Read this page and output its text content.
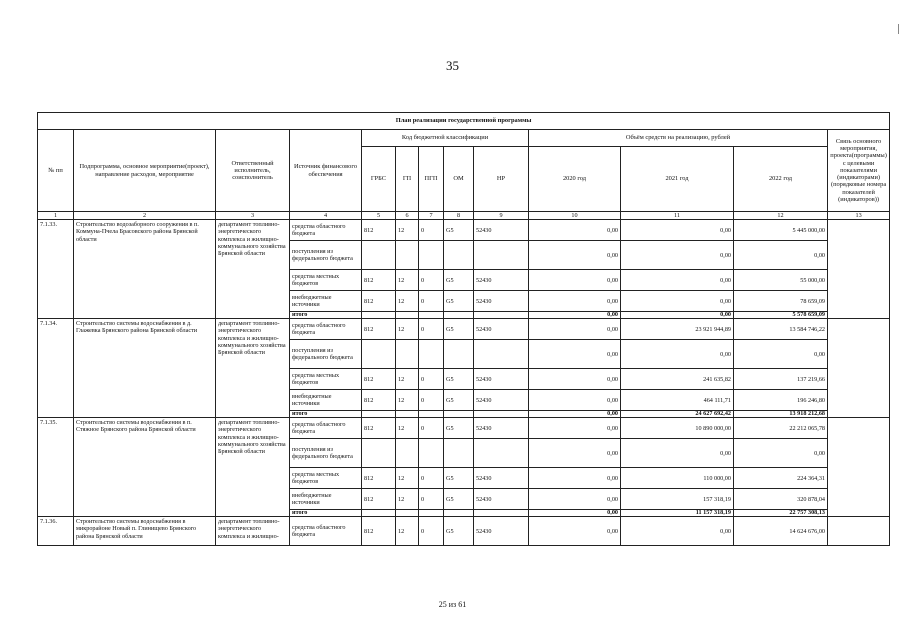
35
План реализации государственной программы												
№ пп	Подпрограмма, основное мероприятие(проект), направление расходов, мероприятие	Ответственный исполнитель, соисполнитель	Источник финансового обеспечения	Код бюджетной классификации					Объём средств на реализацию, рублей			Связь основного мероприятия, проекта(программы) с целевыми показателями (индикаторами) (порядковые номера показателей (индикаторов))
				ГРБС	ГП	ПГП	ОМ	НР	2020 год	2021 год	2022 год	
1	2	3	4	5	6	7	8	9	10	11	12	13
7.1.33.	Строительство водозаборного сооружения в п. Коммуна-Пчела Брасовского района Брянской области	департамент топливно-энергетического комплекса и жилищно-коммунального хозяйства Брянской области	средства областного бюджета	812	12	0	G5	52430	0,00	0,00	5 445 000,00	
			поступления из федерального бюджета						0,00	0,00	0,00	
			средства местных бюджетов	812	12	0	G5	52430	0,00	0,00	55 000,00	
			внебюджетные источники	812	12	0	G5	52430	0,00	0,00	78 659,09	
			итого						0,00	0,00	5 578 659,09	
7.1.34.	Строительство системы водоснабжения в д. Глажевка Брянского района Брянской области	департамент топливно-энергетического комплекса и жилищно-коммунального хозяйства Брянской области	средства областного бюджета	812	12	0	G5	52430	0,00	23 921 944,89	13 584 746,22	
			поступления из федерального бюджета						0,00	0,00	0,00	
			средства местных бюджетов	812	12	0	G5	52430	0,00	241 635,82	137 219,66	
			внебюджетные источники	812	12	0	G5	52430	0,00	464 111,71	196 246,80	
			итого						0,00	24 627 692,42	13 918 212,68	
7.1.35.	Строительство системы водоснабжения в п. Стяжное Брянского района Брянской области	департамент топливно-энергетического комплекса и жилищно-коммунального хозяйства Брянской области	средства областного бюджета	812	12	0	G5	52430	0,00	10 890 000,00	22 212 065,78	
			поступления из федерального бюджета						0,00	0,00	0,00	
			средства местных бюджетов	812	12	0	G5	52430	0,00	110 000,00	224 364,31	
			внебюджетные источники	812	12	0	G5	52430	0,00	157 318,19	320 878,04	
			итого						0,00	11 157 318,19	22 757 308,13	
7.1.36.	Строительство системы водоснабжения в микрорайоне Новый п. Глинищево Брянского района Брянской области	департамент топливно-энергетического комплекса и жилищно-	средства областного бюджета	812	12	0	G5	52430	0,00	0,00	14 624 676,00	
25 из 61
